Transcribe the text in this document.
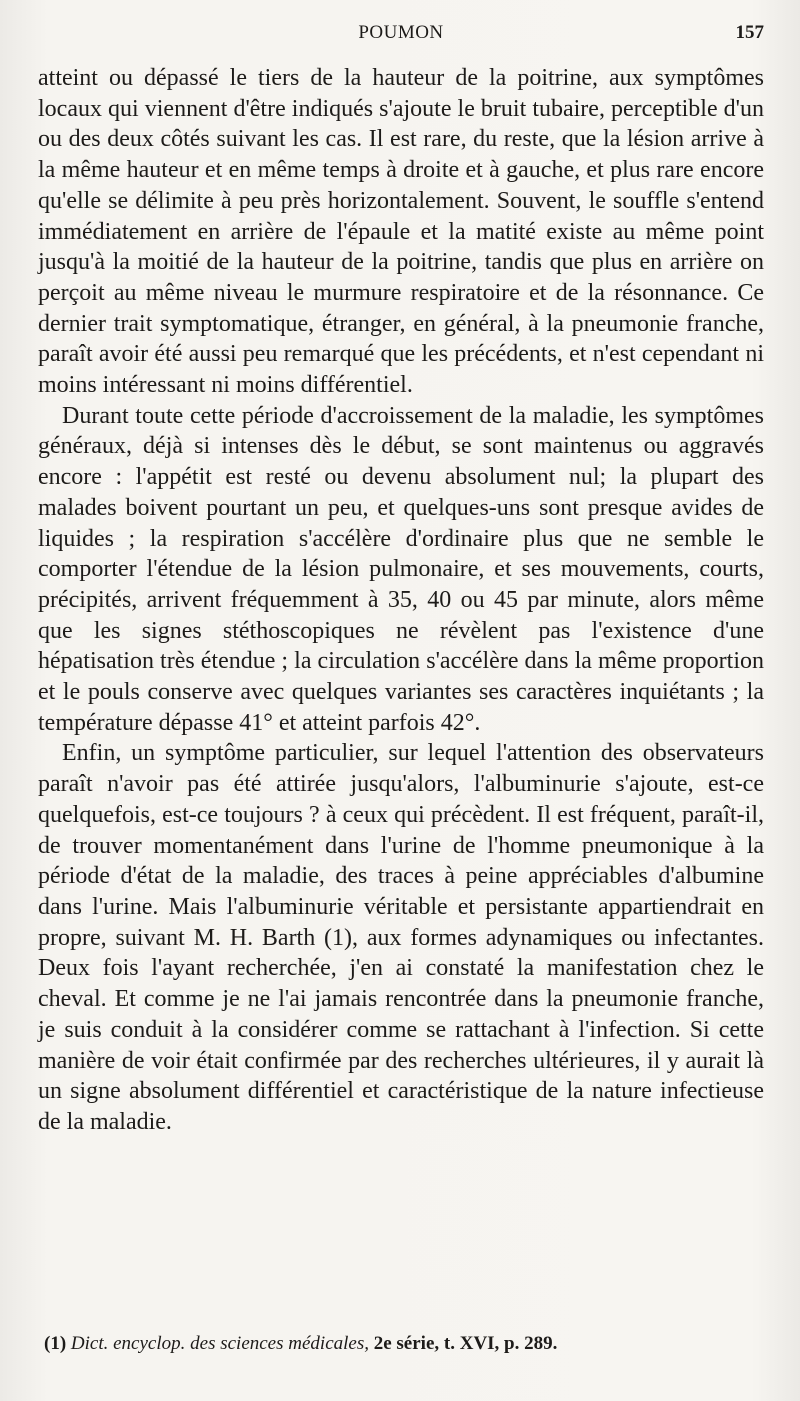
POUMON	157

atteint ou dépassé le tiers de la hauteur de la poitrine, aux symptômes locaux qui viennent d'être indiqués s'ajoute le bruit tubaire, perceptible d'un ou des deux côtés suivant les cas. Il est rare, du reste, que la lésion arrive à la même hauteur et en même temps à droite et à gauche, et plus rare encore qu'elle se délimite à peu près horizontalement. Souvent, le souffle s'entend immédiatement en arrière de l'épaule et la matité existe au même point jusqu'à la moitié de la hauteur de la poitrine, tandis que plus en arrière on perçoit au même niveau le murmure respiratoire et de la résonnance. Ce dernier trait symptomatique, étranger, en général, à la pneumonie franche, paraît avoir été aussi peu remarqué que les précédents, et n'est cependant ni moins intéressant ni moins différentiel.

Durant toute cette période d'accroissement de la maladie, les symptômes généraux, déjà si intenses dès le début, se sont maintenus ou aggravés encore : l'appétit est resté ou devenu absolument nul; la plupart des malades boivent pourtant un peu, et quelques-uns sont presque avides de liquides ; la respiration s'accélère d'ordinaire plus que ne semble le comporter l'étendue de la lésion pulmonaire, et ses mouvements, courts, précipités, arrivent fréquemment à 35, 40 ou 45 par minute, alors même que les signes stéthoscopiques ne révèlent pas l'existence d'une hépatisation très étendue ; la circulation s'accélère dans la même proportion et le pouls conserve avec quelques variantes ses caractères inquiétants ; la température dépasse 41° et atteint parfois 42°.

Enfin, un symptôme particulier, sur lequel l'attention des observateurs paraît n'avoir pas été attirée jusqu'alors, l'albuminurie s'ajoute, est-ce quelquefois, est-ce toujours ? à ceux qui précèdent. Il est fréquent, paraît-il, de trouver momentanément dans l'urine de l'homme pneumonique à la période d'état de la maladie, des traces à peine appréciables d'albumine dans l'urine. Mais l'albuminurie véritable et persistante appartiendrait en propre, suivant M. H. Barth (1), aux formes adynamiques ou infectantes. Deux fois l'ayant recherchée, j'en ai constaté la manifestation chez le cheval. Et comme je ne l'ai jamais rencontrée dans la pneumonie franche, je suis conduit à la considérer comme se rattachant à l'infection. Si cette manière de voir était confirmée par des recherches ultérieures, il y aurait là un signe absolument différentiel et caractéristique de la nature infectieuse de la maladie.

(1) Dict. encyclop. des sciences médicales, 2e série, t. XVI, p. 289.
